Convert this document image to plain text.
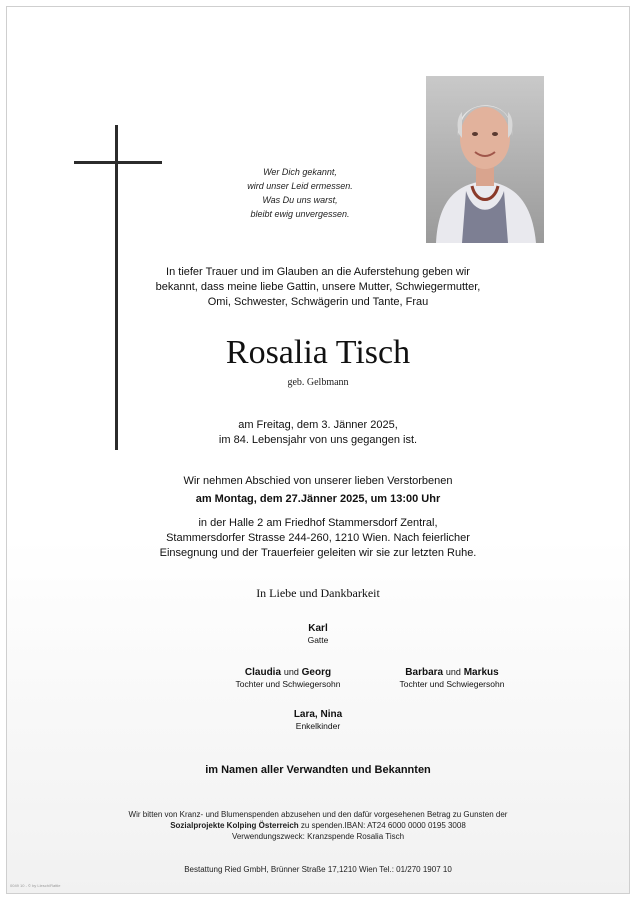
Wer Dich gekannt,
wird unser Leid ermessen.
Was Du uns warst,
bleibt ewig unvergessen.
In tiefer Trauer und im Glauben an die Auferstehung geben wir
bekannt, dass meine liebe Gattin, unsere Mutter, Schwiegermutter,
Omi, Schwester, Schwägerin und Tante, Frau
Rosalia Tisch
geb. Gelbmann
am Freitag, dem 3. Jänner 2025,
im 84. Lebensjahr von uns gegangen ist.
Wir nehmen Abschied von unserer lieben Verstorbenen
am Montag, dem 27.Jänner 2025, um 13:00 Uhr
in der Halle 2 am Friedhof Stammersdorf Zentral,
Stammersdorfer Strasse 244-260, 1210 Wien. Nach feierlicher
Einsegnung und der Trauerfeier geleiten wir sie zur letzten Ruhe.
In Liebe und Dankbarkeit
Karl
Gatte
Claudia und Georg
Tochter und Schwiegersohn
Barbara und Markus
Tochter und Schwiegersohn
Lara, Nina
Enkelkinder
im Namen aller Verwandten und Bekannten
Wir bitten von Kranz- und Blumenspenden abzusehen und den dafür vorgesehenen Betrag zu Gunsten der
Sozialprojekte Kolping Österreich zu spenden.IBAN: AT24 6000 0000 0195 3008
Verwendungszweck: Kranzspende Rosalia Tisch
Bestattung Ried GmbH, Brünner Straße 17,1210 Wien Tel.: 01/270 1907 10
0049 10 - © by Llesch/Rattle
